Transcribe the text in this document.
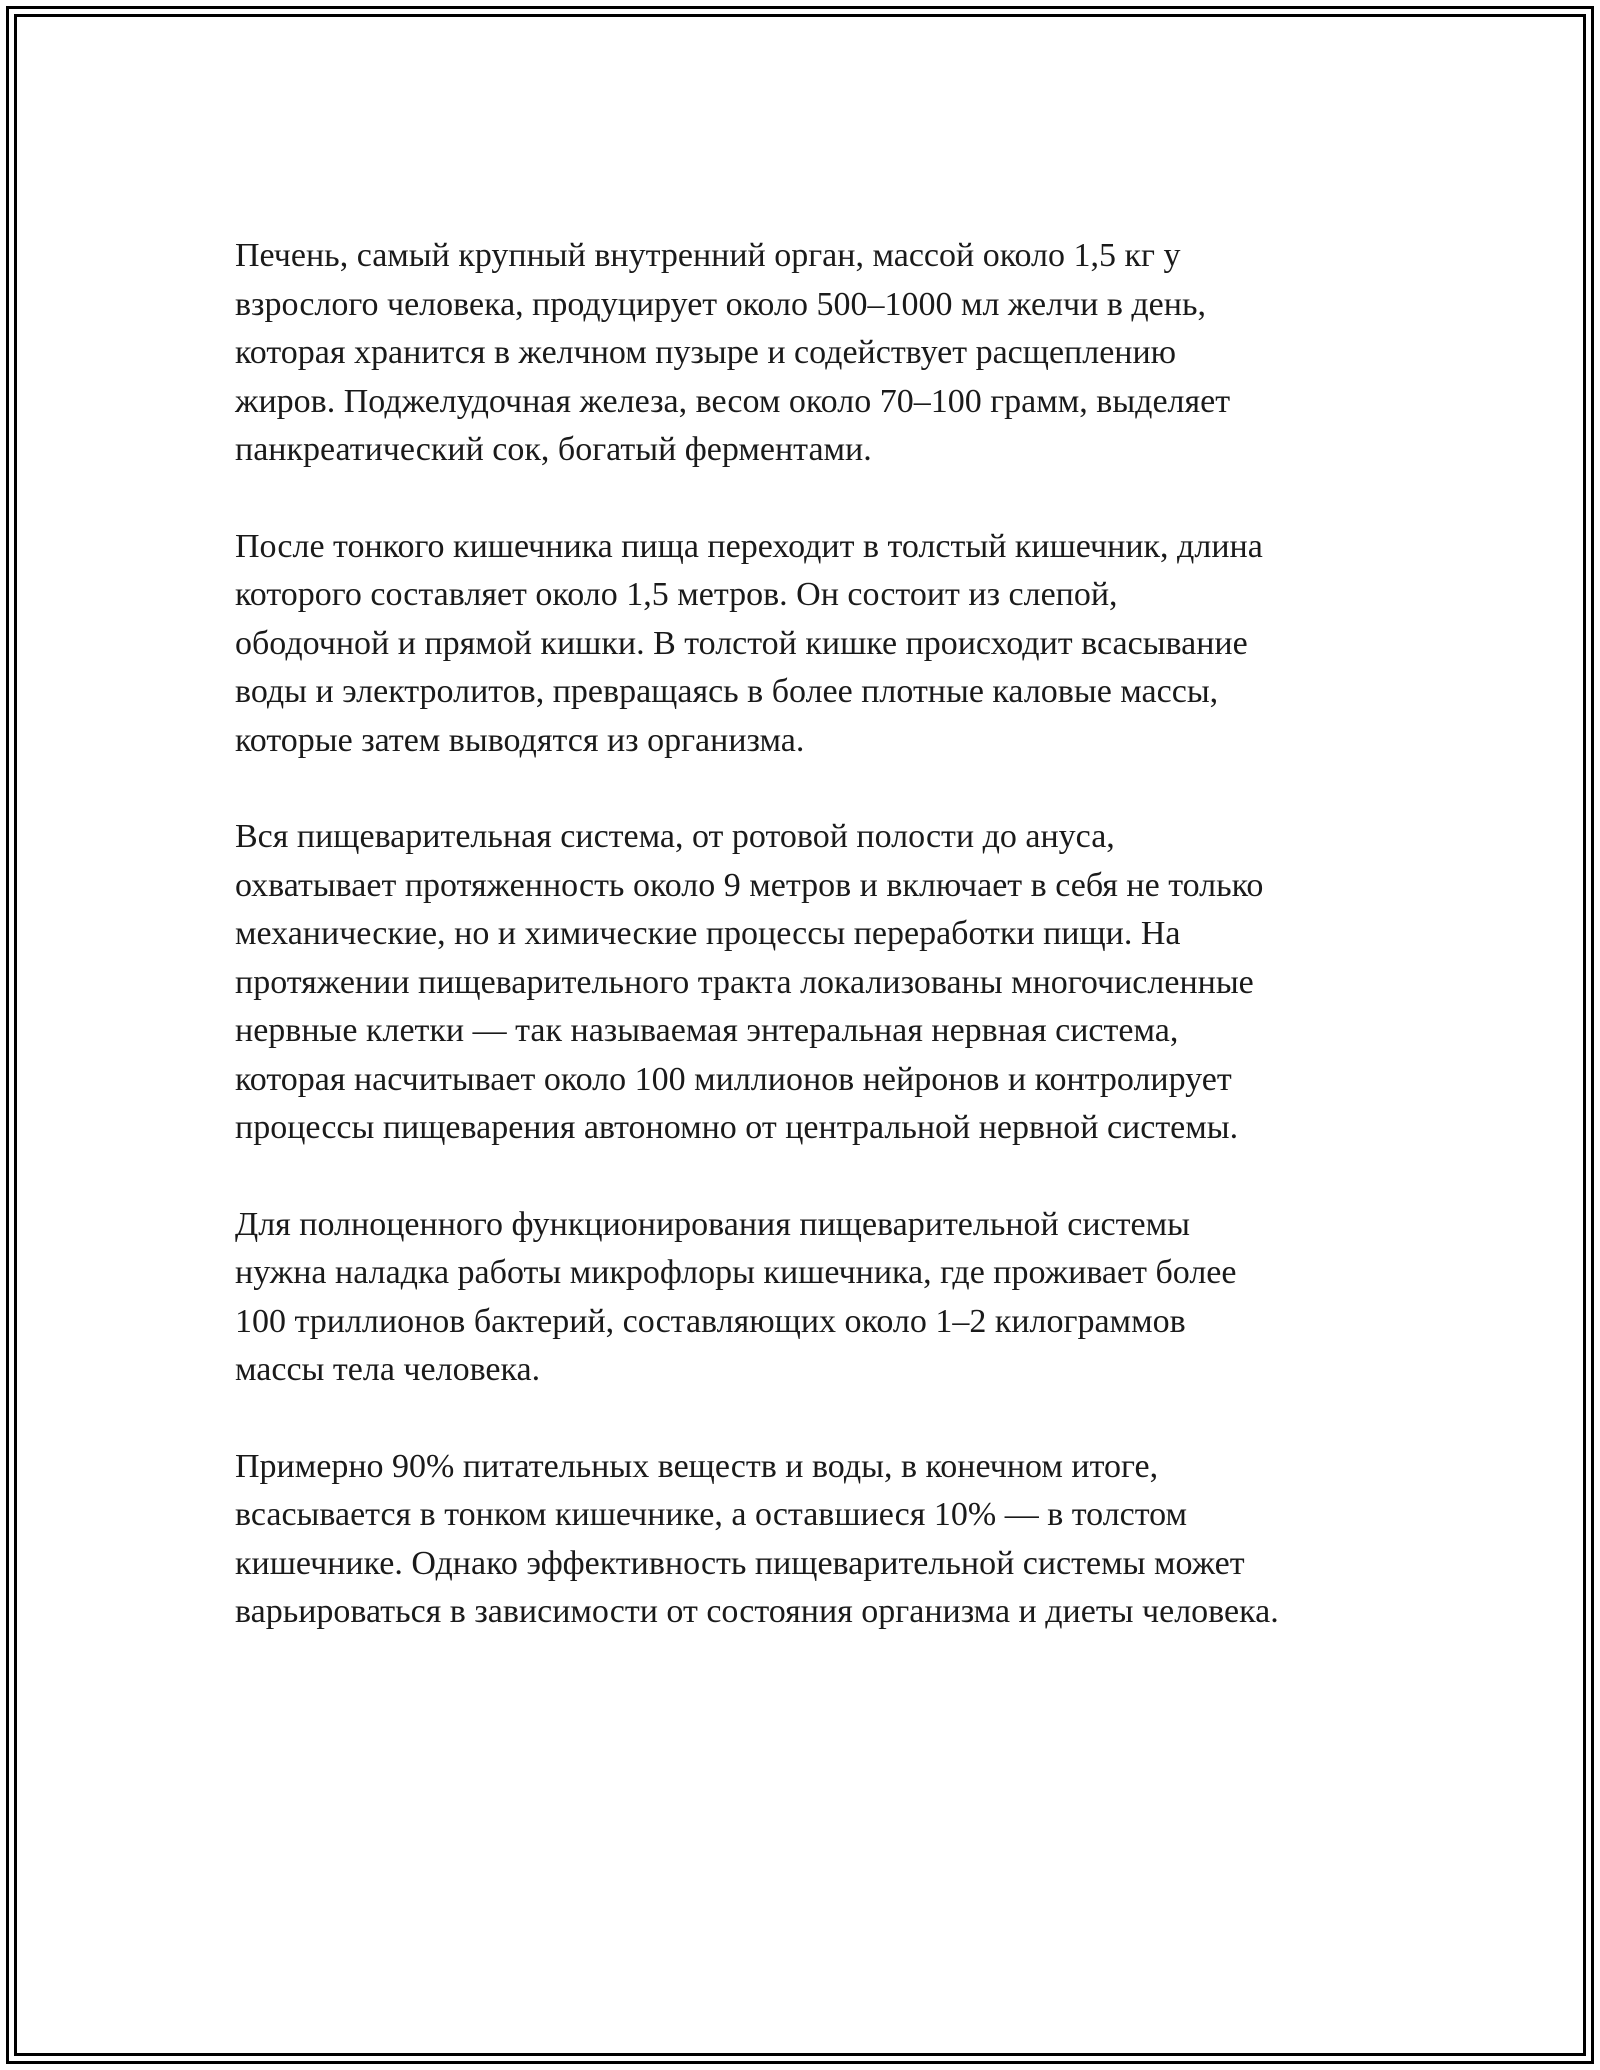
Печень, самый крупный внутренний орган, массой около 1,5 кг у
взрослого человека, продуцирует около 500–1000 мл желчи в день,
которая хранится в желчном пузыре и содействует расщеплению
жиров. Поджелудочная железа, весом около 70–100 грамм, выделяет
панкреатический сок, богатый ферментами.

После тонкого кишечника пища переходит в толстый кишечник, длина
которого составляет около 1,5 метров. Он состоит из слепой,
ободочной и прямой кишки. В толстой кишке происходит всасывание
воды и электролитов, превращаясь в более плотные каловые массы,
которые затем выводятся из организма.

Вся пищеварительная система, от ротовой полости до ануса,
охватывает протяженность около 9 метров и включает в себя не только
механические, но и химические процессы переработки пищи. На
протяжении пищеварительного тракта локализованы многочисленные
нервные клетки — так называемая энтеральная нервная система,
которая насчитывает около 100 миллионов нейронов и контролирует
процессы пищеварения автономно от центральной нервной системы.

Для полноценного функционирования пищеварительной системы
нужна наладка работы микрофлоры кишечника, где проживает более
100 триллионов бактерий, составляющих около 1–2 килограммов
массы тела человека.

Примерно 90% питательных веществ и воды, в конечном итоге,
всасывается в тонком кишечнике, а оставшиеся 10% — в толстом
кишечнике. Однако эффективность пищеварительной системы может
варьироваться в зависимости от состояния организма и диеты человека.
